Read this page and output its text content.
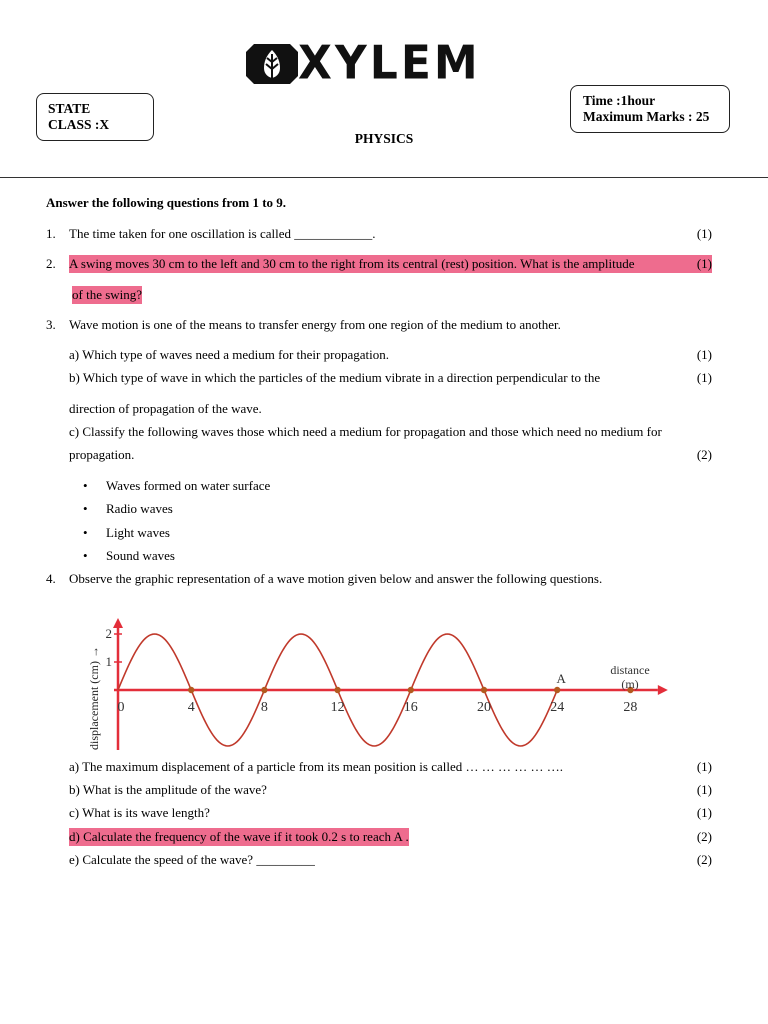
XYLEM
STATE
CLASS :X
Time :1hour
Maximum Marks : 25
PHYSICS
Answer the following questions from 1 to 9.
1. The time taken for one oscillation is called ____________.	(1)
2. A swing moves 30 cm to the left and 30 cm to the right from its central (rest) position. What is the amplitude	(1)
of the swing?
3. Wave motion is one of the means to transfer energy from one region of the medium to another.
a) Which type of waves need a medium for their propagation.	(1)
b) Which type of wave in which the particles of the medium vibrate in a direction perpendicular to the	(1)
direction of propagation of the wave.
c) Classify the following waves those which need a medium for propagation and those which need no medium for
propagation.	(2)
• Waves formed on water surface
• Radio waves
• Light waves
• Sound waves
4. Observe the graphic representation of a wave motion given below and answer the following questions.
displacement (cm) → 1
2
0	4	8	12	16	20	24	28
A
distance
(m)
a) The maximum displacement of a particle from its mean position is called … … … … … ….	(1)
b) What is the amplitude of the wave?	(1)
c) What is its wave length?	(1)
d) Calculate the frequency of the wave if it took 0.2 s to reach A .	(2)
e) Calculate the speed of the wave? _________	(2)
